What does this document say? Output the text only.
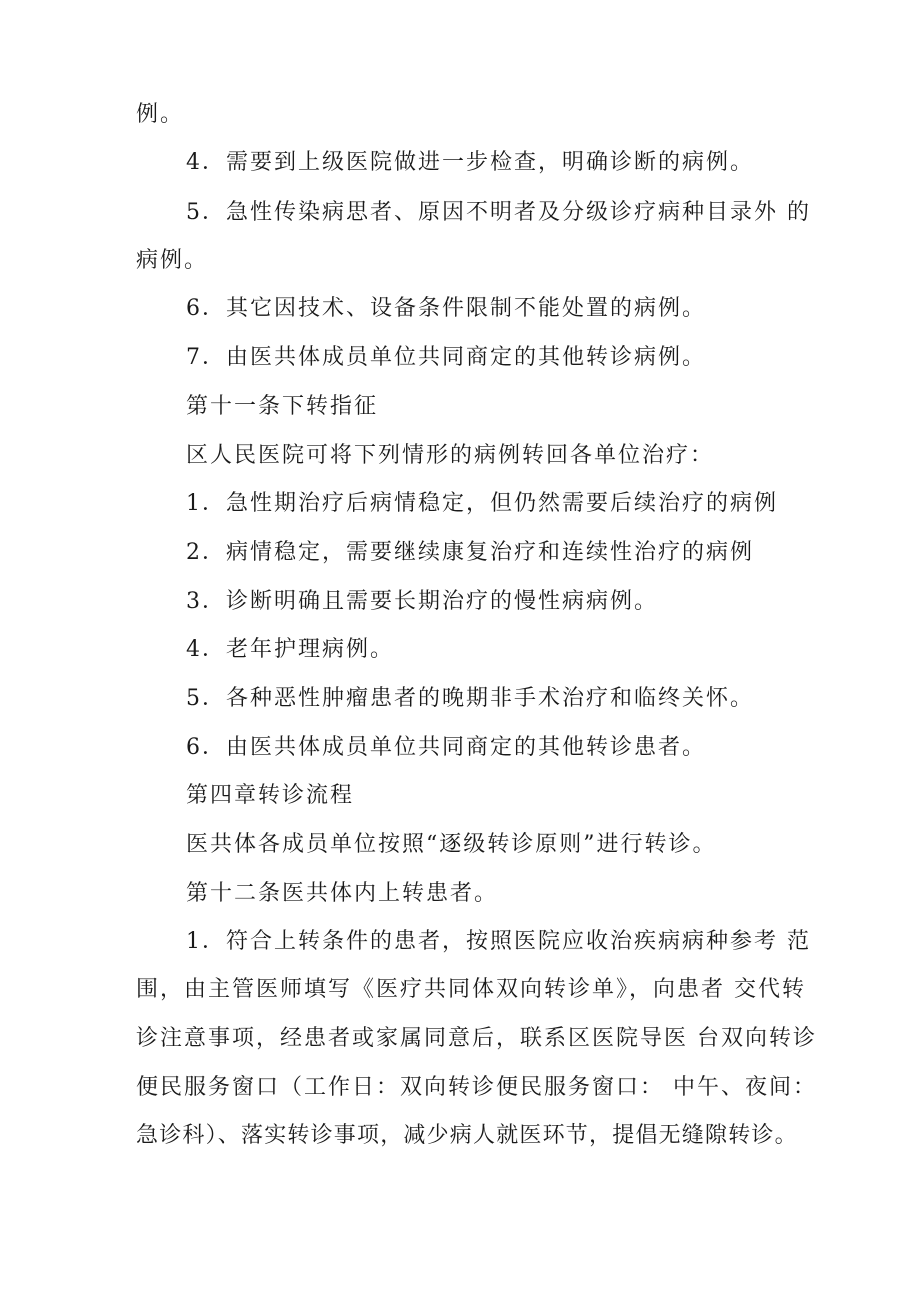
例。
4．需要到上级医院做进一步检查，明确诊断的病例。
5．急性传染病思者、原因不明者及分级诊疗病种目录外 的
病例。
6．其它因技术、设备条件限制不能处置的病例。
7．由医共体成员单位共同商定的其他转诊病例。
第十一条下转指征
区人民医院可将下列情形的病例转回各单位治疗：
1．急性期治疗后病情稳定，但仍然需要后续治疗的病例
2．病情稳定，需要继续康复治疗和连续性治疗的病例
3．诊断明确且需要长期治疗的慢性病病例。
4．老年护理病例。
5．各种恶性肿瘤患者的晚期非手术治疗和临终关怀。
6．由医共体成员单位共同商定的其他转诊患者。
第四章转诊流程
医共体各成员单位按照“逐级转诊原则”进行转诊。
第十二条医共体内上转患者。
1．符合上转条件的患者，按照医院应收治疾病病种参考 范
围，由主管医师填写《医疗共同体双向转诊单》，向患者 交代转
诊注意事项，经患者或家属同意后，联系区医院导医 台双向转诊
便民服务窗口（工作日：双向转诊便民服务窗口： 中午、夜间：
急诊科）、落实转诊事项，减少病人就医环节，提倡无缝隙转诊。
